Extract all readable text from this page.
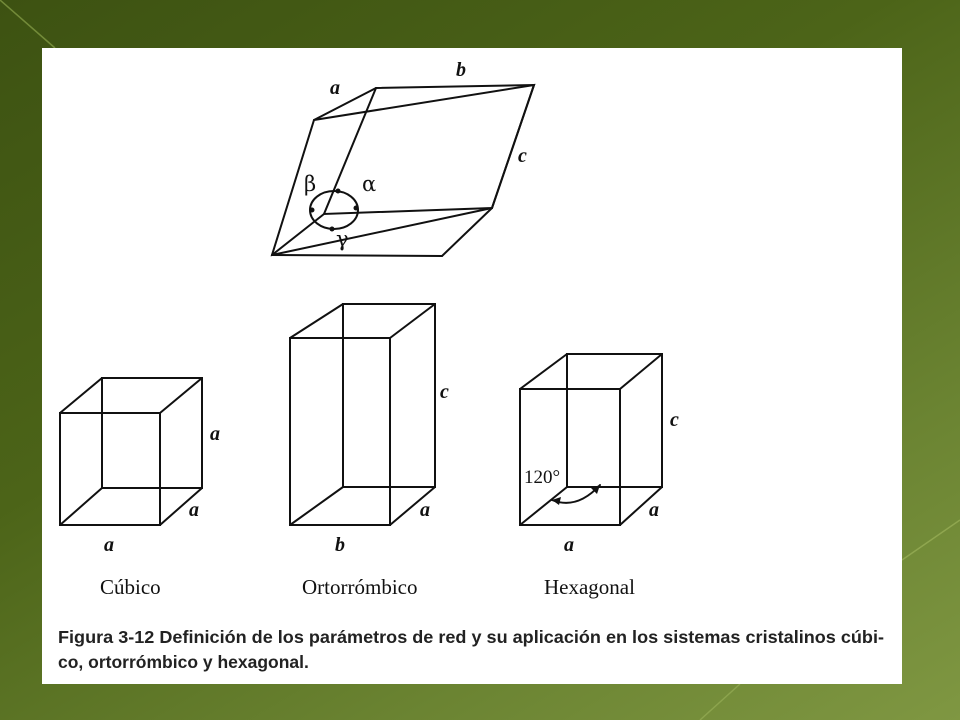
a
b
c
β α
γ
a
a
a
Cúbico
c
a
b
Ortorrómbico
120°
c
a
a
Hexagonal
Figura 3-12 Definición de los parámetros de red y su aplicación en los sistemas cristalinos cúbi-
co, ortorrómbico y hexagonal.
